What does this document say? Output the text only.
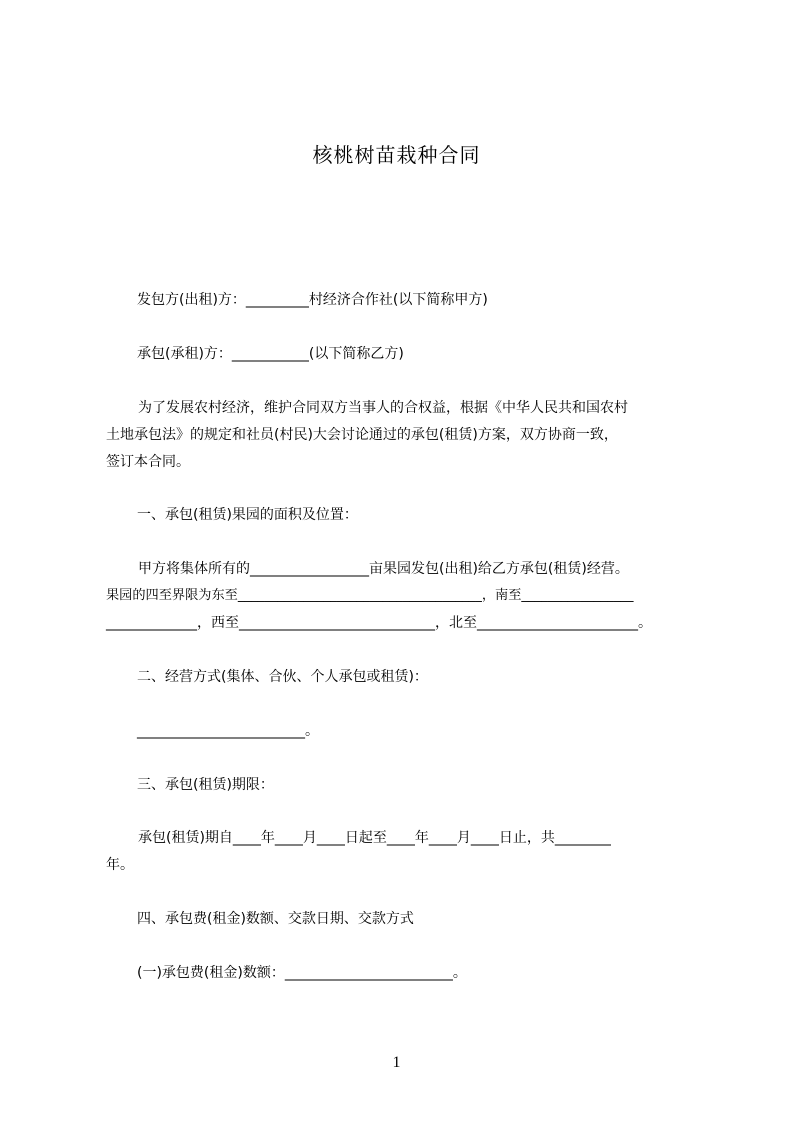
核桃树苗栽种合同
发包方(出租)方：_________村经济合作社(以下简称甲方)
承包(承租)方：___________(以下简称乙方)
为了发展农村经济，维护合同双方当事人的合权益，根据《中华人民共和国农村
土地承包法》的规定和社员(村民)大会讨论通过的承包(租赁)方案，双方协商一致，
签订本合同。
一、承包(租赁)果园的面积及位置：
甲方将集体所有的_________________亩果园发包(出租)给乙方承包(租赁)经营。
果园的四至界限为东至_____________________________________，南至_________________
_____________，西至____________________________，北至_______________________。
二、经营方式(集体、合伙、个人承包或租赁)：
________________________。
三、承包(租赁)期限：
承包(租赁)期自____年____月____日起至____年____月____日止，共________
年。
四、承包费(租金)数额、交款日期、交款方式
(一)承包费(租金)数额：________________________。
1
